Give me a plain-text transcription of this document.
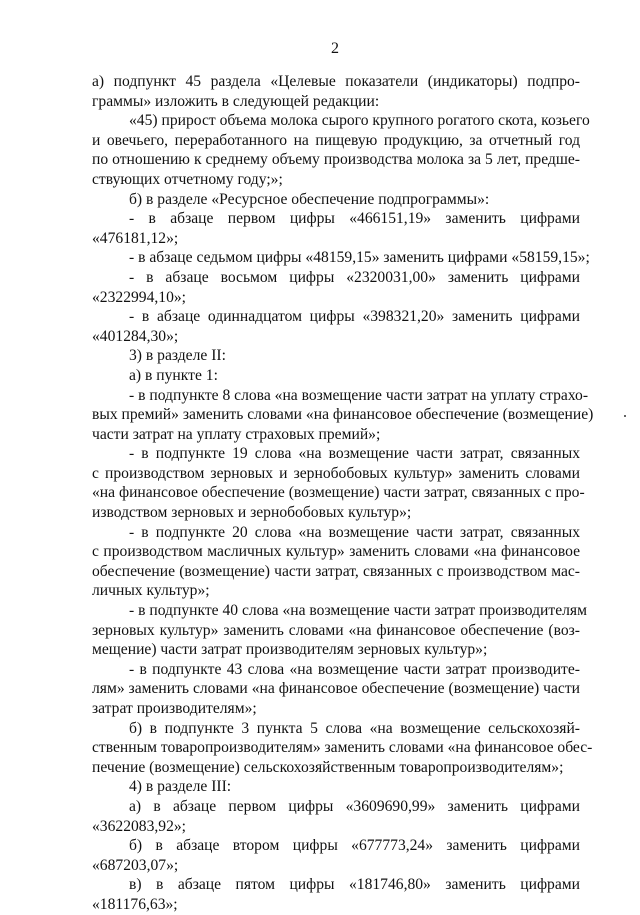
2
а) подпункт 45 раздела «Целевые показатели (индикаторы) подпро-
граммы» изложить в следующей редакции:
«45) прирост объема молока сырого крупного рогатого скота, козьего
и овечьего, переработанного на пищевую продукцию, за отчетный год
по отношению к среднему объему производства молока за 5 лет, предше-
ствующих отчетному году;»;
б) в разделе «Ресурсное обеспечение подпрограммы»:
- в абзаце первом цифры «466151,19» заменить цифрами
«476181,12»;
- в абзаце седьмом цифры «48159,15» заменить цифрами «58159,15»;
- в абзаце восьмом цифры «2320031,00» заменить цифрами
«2322994,10»;
- в абзаце одиннадцатом цифры «398321,20» заменить цифрами
«401284,30»;
3) в разделе II:
а) в пункте 1:
- в подпункте 8 слова «на возмещение части затрат на уплату страхо-
вых премий» заменить словами «на финансовое обеспечение (возмещение)
части затрат на уплату страховых премий»;
- в подпункте 19 слова «на возмещение части затрат, связанных
с производством зерновых и зернобобовых культур» заменить словами
«на финансовое обеспечение (возмещение) части затрат, связанных с про-
изводством зерновых и зернобобовых культур»;
- в подпункте 20 слова «на возмещение части затрат, связанных
с производством масличных культур» заменить словами «на финансовое
обеспечение (возмещение) части затрат, связанных с производством мас-
личных культур»;
- в подпункте 40 слова «на возмещение части затрат производителям
зерновых культур» заменить словами «на финансовое обеспечение (воз-
мещение) части затрат производителям зерновых культур»;
- в подпункте 43 слова «на возмещение части затрат производите-
лям» заменить словами «на финансовое обеспечение (возмещение) части
затрат производителям»;
б) в подпункте 3 пункта 5 слова «на возмещение сельскохозяй-
ственным товаропроизводителям» заменить словами «на финансовое обес-
печение (возмещение) сельскохозяйственным товаропроизводителям»;
4) в разделе III:
а) в абзаце первом цифры «3609690,99» заменить цифрами
«3622083,92»;
б) в абзаце втором цифры «677773,24» заменить цифрами
«687203,07»;
в) в абзаце пятом цифры «181746,80» заменить цифрами
«181176,63»;
